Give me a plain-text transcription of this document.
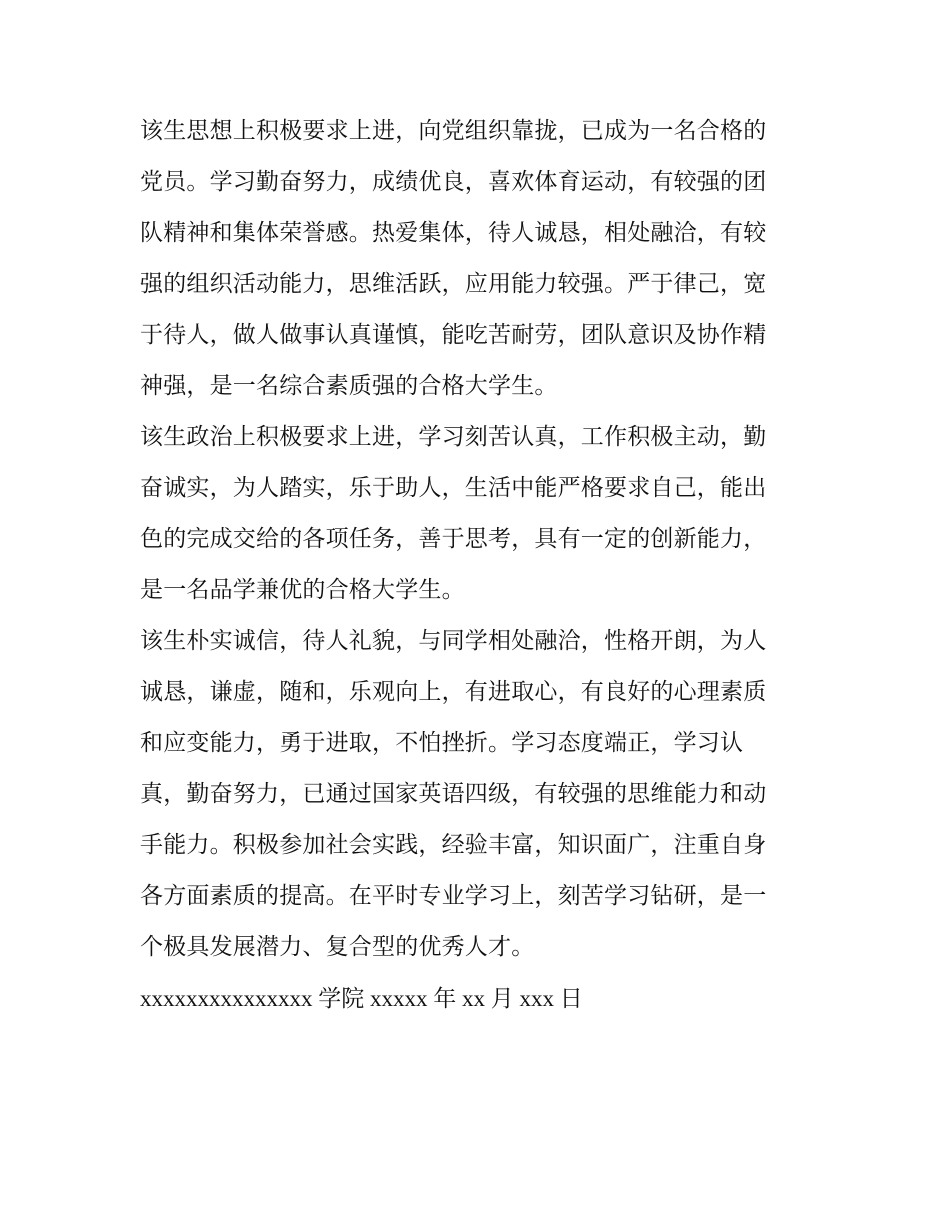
该生思想上积极要求上进，向党组织靠拢，已成为一名合格的
党员。学习勤奋努力，成绩优良，喜欢体育运动，有较强的团
队精神和集体荣誉感。热爱集体，待人诚恳，相处融洽，有较
强的组织活动能力，思维活跃，应用能力较强。严于律己，宽
于待人，做人做事认真谨慎，能吃苦耐劳，团队意识及协作精
神强，是一名综合素质强的合格大学生。

该生政治上积极要求上进，学习刻苦认真，工作积极主动，勤
奋诚实，为人踏实，乐于助人，生活中能严格要求自己，能出
色的完成交给的各项任务，善于思考，具有一定的创新能力，
是一名品学兼优的合格大学生。

该生朴实诚信，待人礼貌，与同学相处融洽，性格开朗，为人
诚恳，谦虚，随和，乐观向上，有进取心，有良好的心理素质
和应变能力，勇于进取，不怕挫折。学习态度端正，学习认
真，勤奋努力，已通过国家英语四级，有较强的思维能力和动
手能力。积极参加社会实践，经验丰富，知识面广，注重自身
各方面素质的提高。在平时专业学习上，刻苦学习钻研，是一
个极具发展潜力、复合型的优秀人才。

xxxxxxxxxxxxxxx 学院 xxxxx 年 xx 月 xxx 日
